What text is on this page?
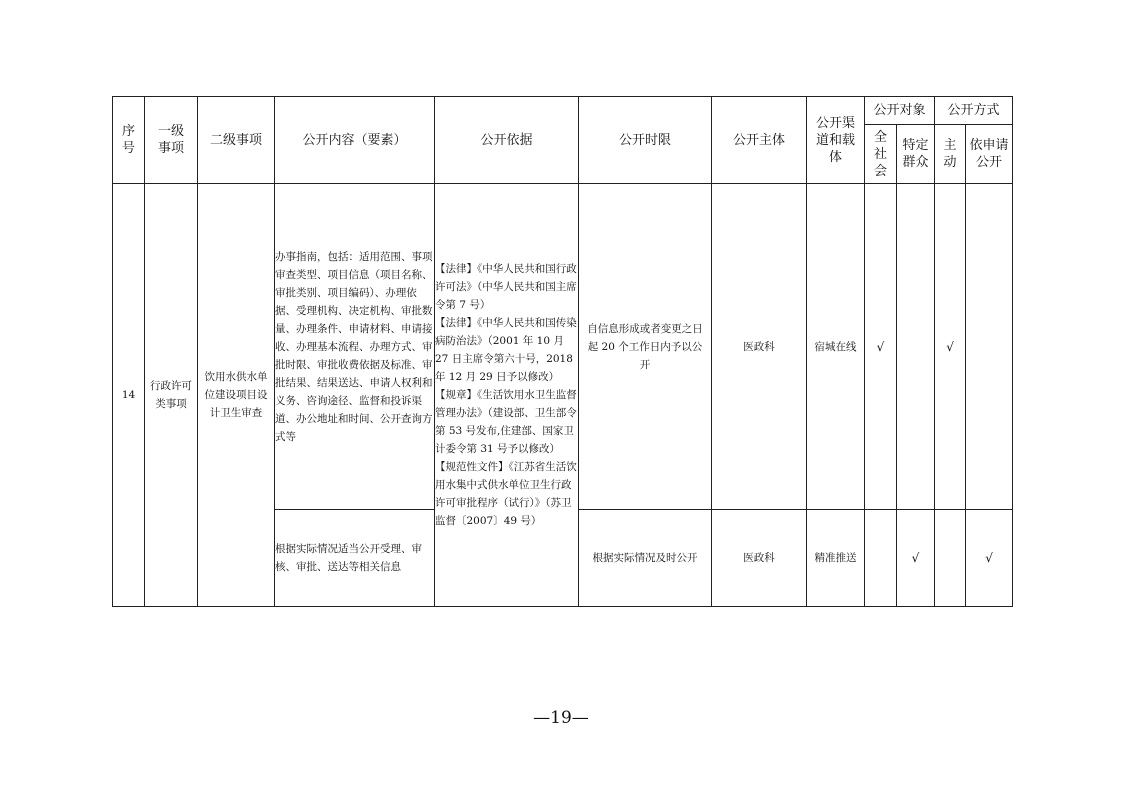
序号	一级事项	二级事项	公开内容（要素）	公开依据	公开时限	公开主体	公开渠道和载体	公开对象		公开方式	
								全社会	特定群众	主动	依申请公开
14	行政许可类事项	饮用水供水单位建设项目设计卫生审查	办事指南，包括：适用范围、事项审查类型、项目信息（项目名称、审批类别、项目编码）、办理依据、受理机构、决定机构、审批数量、办理条件、申请材料、申请接收、办理基本流程、办理方式、审批时限、审批收费依据及标准、审批结果、结果送达、申请人权利和义务、咨询途径、监督和投诉渠道、办公地址和时间、公开查询方式等	【法律】《中华人民共和国行政许可法》（中华人民共和国主席令第 7 号）
【法律】《中华人民共和国传染病防治法》（2001 年 10 月 27 日主席令第六十号，2018 年 12 月 29 日予以修改）
【规章】《生活饮用水卫生监督管理办法》（建设部、卫生部令第 53 号发布,住建部、国家卫计委令第 31 号予以修改）
【规范性文件】《江苏省生活饮用水集中式供水单位卫生行政许可审批程序（试行）》（苏卫监督〔2007〕49 号）	自信息形成或者变更之日起 20 个工作日内予以公开	医政科	宿城在线	√		√	
			根据实际情况适当公开受理、审核、审批、送达等相关信息		根据实际情况及时公开	医政科	精准推送		√		√
—19—
